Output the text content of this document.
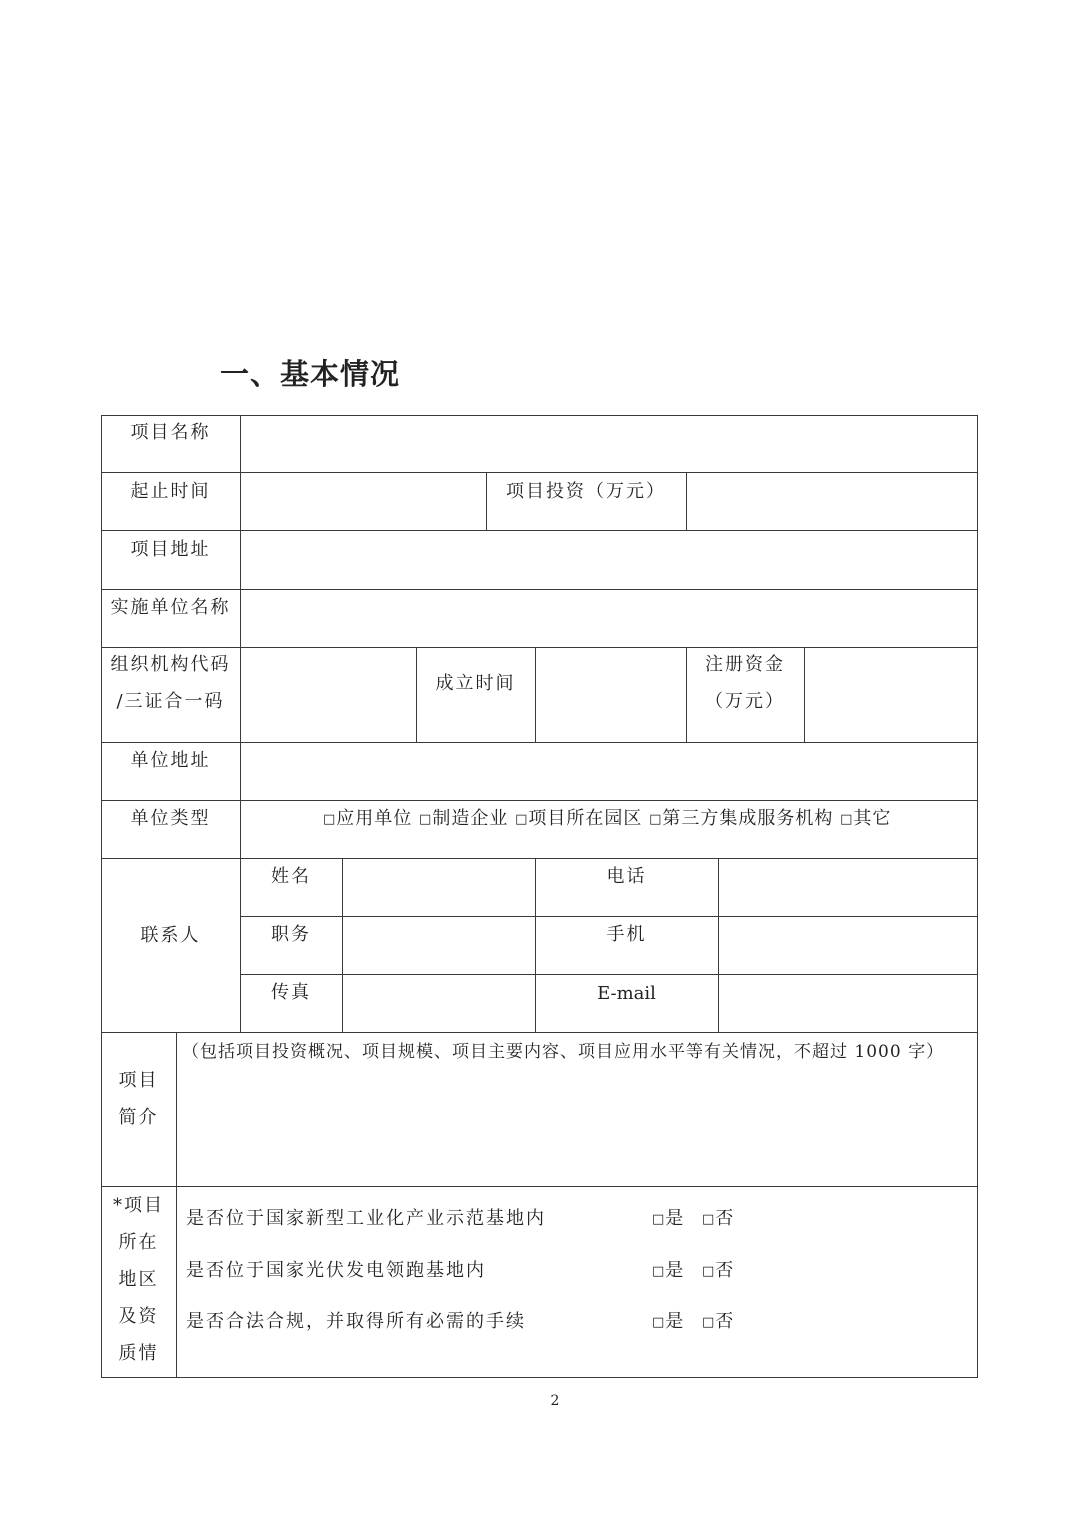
一、基本情况
项目名称
起止时间	项目投资（万元）
项目地址
实施单位名称
组织机构代码
/三证合一码
成立时间
注册资金
（万元）
单位地址
单位类型	□应用单位 □制造企业 □项目所在园区 □第三方集成服务机构 □其它
联系人
姓名
职务
传真
电话
手机
E-mail
项目
简介
（包括项目投资概况、项目规模、项目主要内容、项目应用水平等有关情况，不超过 1000 字）
*项目
所在
地区
及资
质情
是否位于国家新型工业化产业示范基地内
是否位于国家光伏发电领跑基地内
是否合法合规，并取得所有必需的手续
□是 □否
□是 □否
□是 □否
2
